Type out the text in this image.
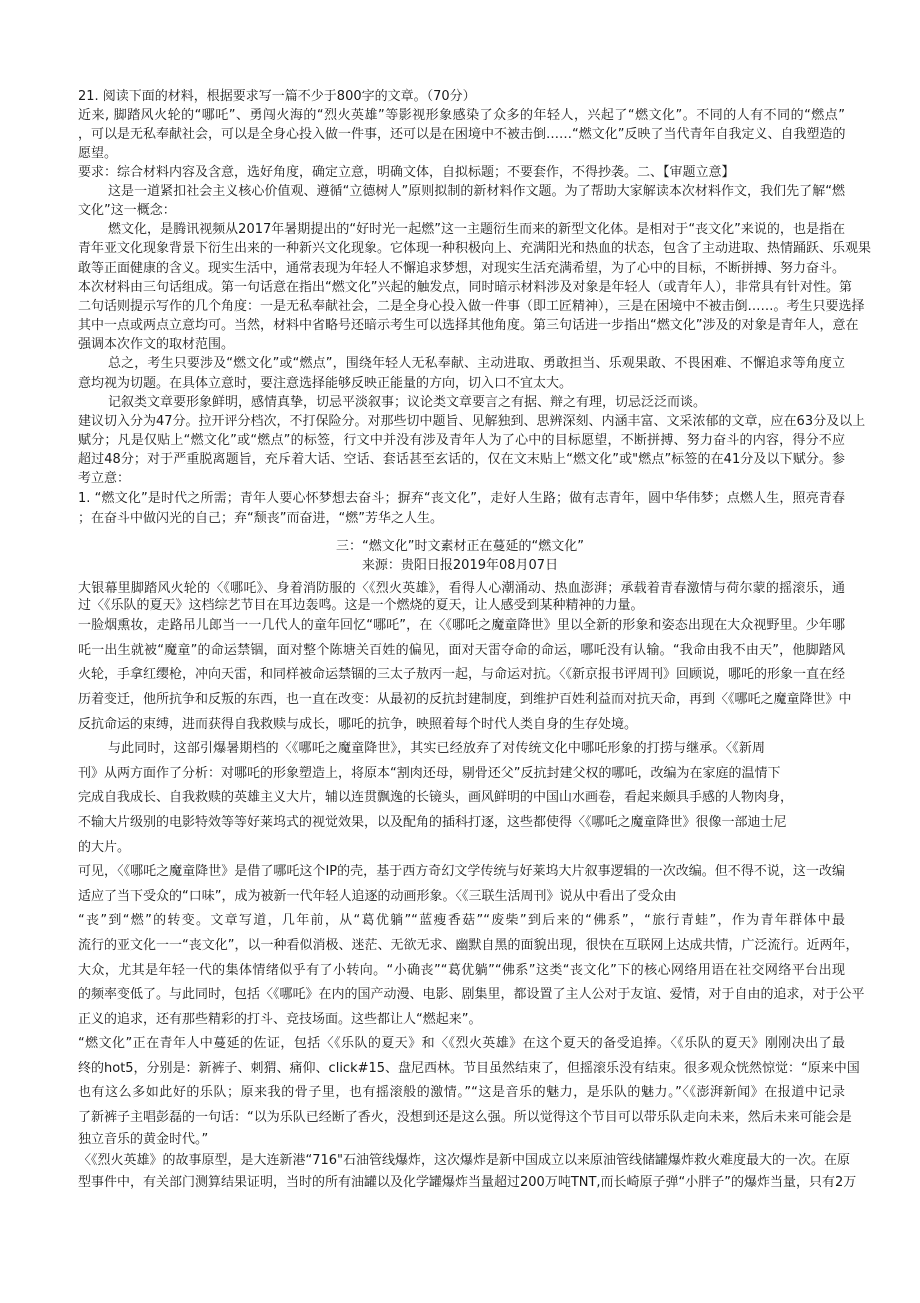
21. 阅读下面的材料，根据要求写一篇不少于800字的文章。（70分）
近来, 脚踏风火轮的“哪吒”、勇闯火海的“烈火英雄”等影视形象感染了众多的年轻人，兴起了“燃文化”。不同的人有不同的“燃点”
，可以是无私奉献社会，可以是全身心投入做一件事，还可以是在困境中不被击倒……“燃文化”反映了当代青年自我定义、自我塑造的
愿望。
要求：综合材料内容及含意，选好角度，确定立意，明确文体，自拟标题；不要套作，不得抄袭。二、【审题立意】
这是一道紧扣社会主义核心价值观、遵循“立德树人”原则拟制的新材料作文题。为了帮助大家解读本次材料作文，我们先了解“燃
文化”这一概念：
燃文化，是腾讯视频从2017年暑期提出的“好时光一起燃”这一主题衍生而来的新型文化体。是相对于“丧文化”来说的，也是指在
青年亚文化现象背景下衍生出来的一种新兴文化现象。它体现一种积极向上、充满阳光和热血的状态，包含了主动进取、热情踊跃、乐观果
敢等正面健康的含义。现实生活中，通常表现为年轻人不懈追求梦想，对现实生活充满希望，为了心中的目标，不断拼搏、努力奋斗。
本次材料由三句话组成。第一句话意在指出“燃文化”兴起的触发点，同时暗示材料涉及对象是年轻人（或青年人），非常具有针对性。第
二句话则提示写作的几个角度：一是无私奉献社会，二是全身心投入做一件事（即工匠精神），三是在困境中不被击倒……。考生只要选择
其中一点或两点立意均可。当然，材料中省略号还暗示考生可以选择其他角度。第三句话进一步指出“燃文化”涉及的对象是青年人，意在
强调本次作文的取材范围。
总之，考生只要涉及“燃文化”或“燃点”，围绕年轻人无私奉献、主动进取、勇敢担当、乐观果敢、不畏困难、不懈追求等角度立
意均视为切题。在具体立意时，要注意选择能够反映正能量的方向，切入口不宜太大。
记叙类文章要形象鲜明，感情真挚，切忌平淡叙事；议论类文章要言之有据、辩之有理，切忌泛泛而谈。
建议切入分为47分。拉开评分档次，不打保险分。对那些切中题旨、见解独到、思辨深刻、内涵丰富、文采浓郁的文章，应在63分及以上
赋分；凡是仅贴上“燃文化”或“燃点”的标签，行文中并没有涉及青年人为了心中的目标愿望，不断拼搏、努力奋斗的内容，得分不应
超过48分；对于严重脱离题旨，充斥着大话、空话、套话甚至玄话的，仅在文末贴上“燃文化”或"燃点”标签的在41分及以下赋分。参
考立意：
1. “燃文化”是时代之所需；青年人要心怀梦想去奋斗；摒弃“丧文化”，走好人生路；做有志青年，圆中华伟梦；点燃人生，照亮青春
；在奋斗中做闪光的自己；弃“颓丧”而奋进，“燃”芳华之人生。
三：“燃文化”时文素材正在蔓延的“燃文化”
来源：贵阳日报2019年08月07日
大银幕里脚踏风火轮的〈《哪吒》、身着消防服的〈《烈火英雄》，看得人心潮涌动、热血澎湃；承载着青春激情与荷尔蒙的摇滚乐，通
过〈《乐队的夏天》这档综艺节目在耳边轰鸣。这是一个燃烧的夏天，让人感受到某种精神的力量。
一脸烟熏妆，走路吊儿郎当一一几代人的童年回忆“哪吒”，在〈《哪吒之魔童降世》里以全新的形象和姿态出现在大众视野里。少年哪
吒一出生就被“魔童”的命运禁锢，面对整个陈塘关百姓的偏见，面对天雷夺命的命运，哪吒没有认输。“我命由我不由天”，他脚踏风
火轮，手拿红缨枪，冲向天雷，和同样被命运禁锢的三太子敖丙一起，与命运对抗。〈《新京报书评周刊》回顾说，哪吒的形象一直在经
历着变迁，他所抗争和反叛的东西，也一直在改变：从最初的反抗封建制度，到维护百姓利益而对抗天命，再到〈《哪吒之魔童降世》中
反抗命运的束缚，进而获得自我救赎与成长，哪吒的抗争，映照着每个时代人类自身的生存处境。
与此同时，这部引爆暑期档的〈《哪吒之魔童降世》，其实已经放弃了对传统文化中哪吒形象的打捞与继承。〈《新周
刊》从两方面作了分析：对哪吒的形象塑造上，将原本“割肉还母，剔骨还父”反抗封建父权的哪吒，改编为在家庭的温情下
完成自我成长、自我救赎的英雄主义大片，辅以连贯飘逸的长镜头，画风鲜明的中国山水画卷，看起来颇具手感的人物肉身，
不输大片级别的电影特效等等好莱坞式的视觉效果，以及配角的插科打逐，这些都使得〈《哪吒之魔童降世》很像一部迪士尼
的大片。
可见，〈《哪吒之魔童降世》是借了哪吒这个IP的壳，基于西方奇幻文学传统与好莱坞大片叙事逻辑的一次改编。但不得不说，这一改编
适应了当下受众的“口味”，成为被新一代年轻人追逐的动画形象。〈《三联生活周刊》说从中看出了受众由
“丧”到“燃”的转变。文章写道，几年前，从“葛优躺”“蓝瘦香菇”“废柴”到后来的“佛系”，“旅行青蛙”，作为青年群体中最
流行的亚文化一一“丧文化”，以一种看似消极、迷茫、无欲无求、幽默自黑的面貌出现，很快在互联网上达成共情，广泛流行。近两年，
大众，尤其是年轻一代的集体情绪似乎有了小转向。“小确丧”“葛优躺”“佛系”这类“丧文化”下的核心网络用语在社交网络平台出现
的频率变低了。与此同时，包括〈《哪吒》在内的国产动漫、电影、剧集里，都设置了主人公对于友谊、爱情，对于自由的追求，对于公平
正义的追求，还有那些精彩的打斗、竞技场面。这些都让人“燃起来”。
“燃文化”正在青年人中蔓延的佐证，包括〈《乐队的夏天》和〈《烈火英雄》在这个夏天的备受追捧。〈《乐队的夏天》刚刚决出了最
终的hot5，分别是：新裤子、刺猬、痛仰、click#15、盘尼西林。节目虽然结束了，但摇滚乐没有结束。很多观众恍然惊觉：“原来中国
也有这么多如此好的乐队；原来我的骨子里，也有摇滚般的激情。”“这是音乐的魅力，是乐队的魅力。”〈《澎湃新闻》在报道中记录
了新裤子主唱彭磊的一句话：“以为乐队已经断了香火，没想到还是这么强。所以觉得这个节目可以带乐队走向未来，然后未来可能会是
独立音乐的黄金时代。”
〈《烈火英雄》的故事原型，是大连新港“716"石油管线爆炸，这次爆炸是新中国成立以来原油管线储罐爆炸救火难度最大的一次。在原
型事件中，有关部门测算结果证明，当时的所有油罐以及化学罐爆炸当量超过200万吨TNT,而长崎原子弹“小胖子”的爆炸当量，只有2万
